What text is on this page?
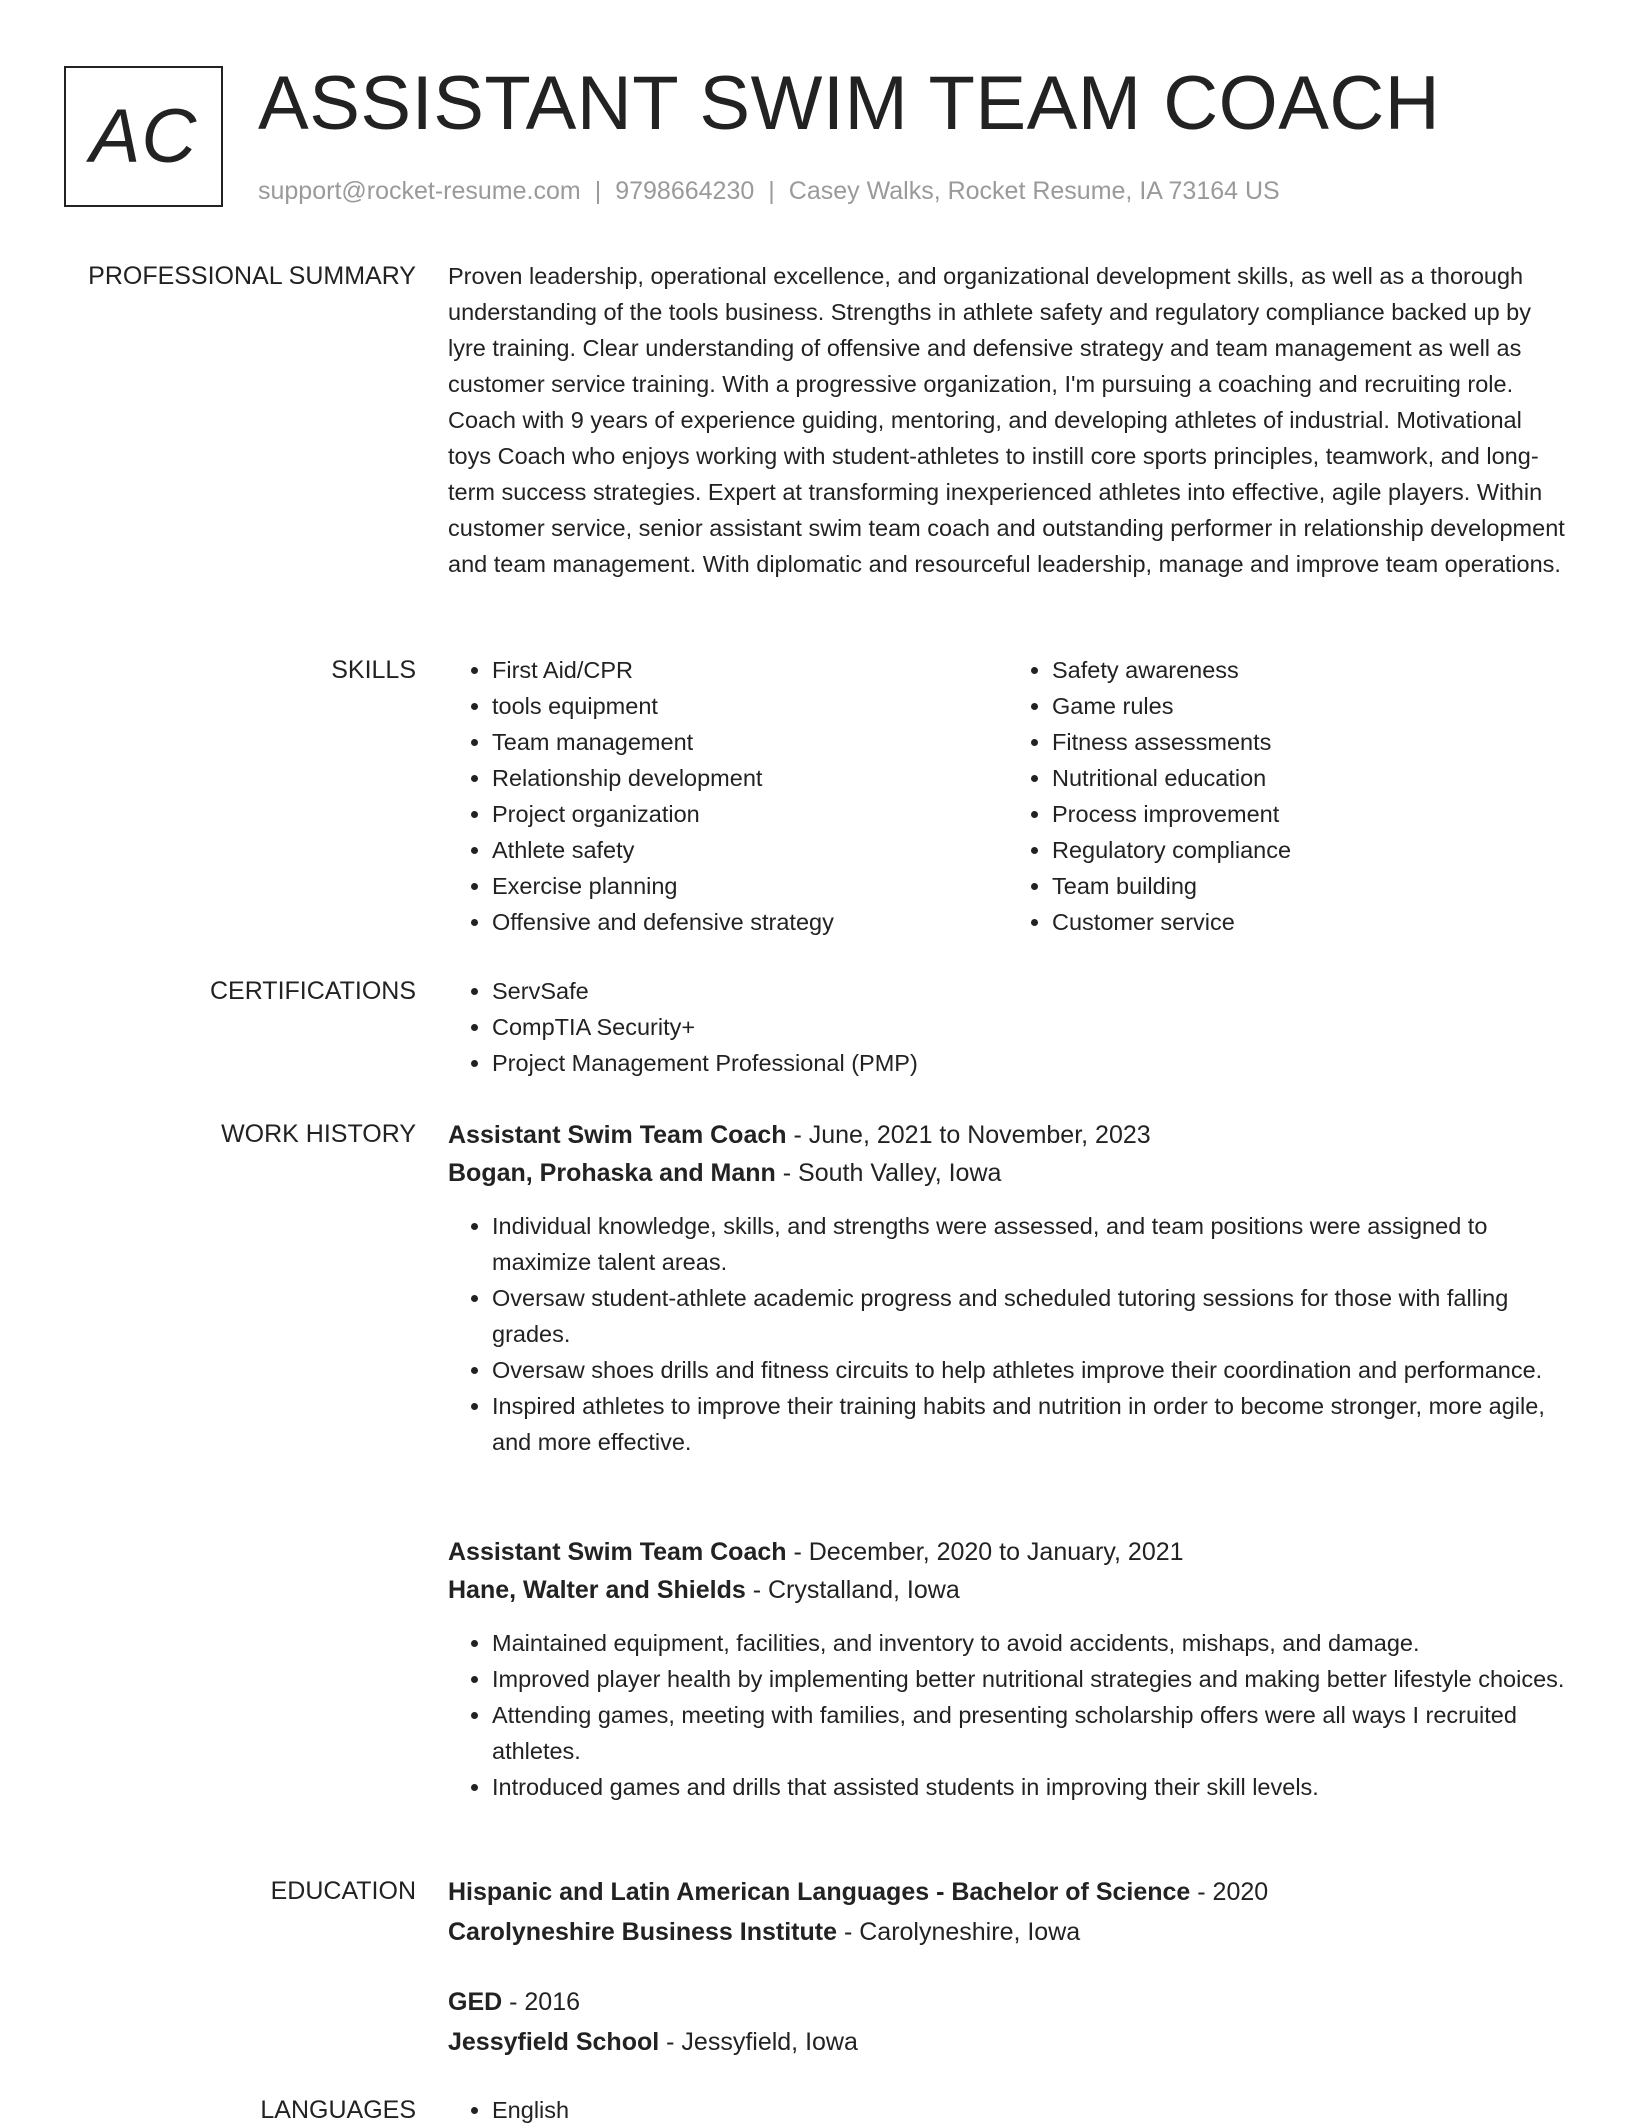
AC ASSISTANT SWIM TEAM COACH
support@rocket-resume.com | 9798664230 | Casey Walks, Rocket Resume, IA 73164 US
PROFESSIONAL SUMMARY Proven leadership, operational excellence, and organizational development skills, as well as a thorough understanding of the tools business. Strengths in athlete safety and regulatory compliance backed up by lyre training. Clear understanding of offensive and defensive strategy and team management as well as customer service training. With a progressive organization, I'm pursuing a coaching and recruiting role. Coach with 9 years of experience guiding, mentoring, and developing athletes of industrial. Motivational toys Coach who enjoys working with student-athletes to instill core sports principles, teamwork, and long-term success strategies. Expert at transforming inexperienced athletes into effective, agile players. Within customer service, senior assistant swim team coach and outstanding performer in relationship development and team management. With diplomatic and resourceful leadership, manage and improve team operations.

SKILLS	• First Aid/CPR
• tools equipment
• Team management
• Relationship development
• Project organization
• Athlete safety
• Exercise planning
• Offensive and defensive strategy
• Safety awareness
• Game rules
• Fitness assessments
• Nutritional education
• Process improvement
• Regulatory compliance
• Team building
• Customer service
CERTIFICATIONS	• ServSafe
• CompTIA Security+
• Project Management Professional (PMP)
WORK HISTORY Assistant Swim Team Coach - June, 2021 to November, 2023
Bogan, Prohaska and Mann - South Valley, Iowa
• Individual knowledge, skills, and strengths were assessed, and team positions were assigned to maximize talent areas.
• Oversaw student-athlete academic progress and scheduled tutoring sessions for those with falling grades.
• Oversaw shoes drills and fitness circuits to help athletes improve their coordination and performance.
• Inspired athletes to improve their training habits and nutrition in order to become stronger, more agile, and more effective.
Assistant Swim Team Coach - December, 2020 to January, 2021
Hane, Walter and Shields - Crystalland, Iowa
• Maintained equipment, facilities, and inventory to avoid accidents, mishaps, and damage.
• Improved player health by implementing better nutritional strategies and making better lifestyle choices.
• Attending games, meeting with families, and presenting scholarship offers were all ways I recruited athletes.
• Introduced games and drills that assisted students in improving their skill levels.
EDUCATION Hispanic and Latin American Languages - Bachelor of Science - 2020
Carolyneshire Business Institute - Carolyneshire, Iowa
GED - 2016
Jessyfield School - Jessyfield, Iowa
LANGUAGES	• English
